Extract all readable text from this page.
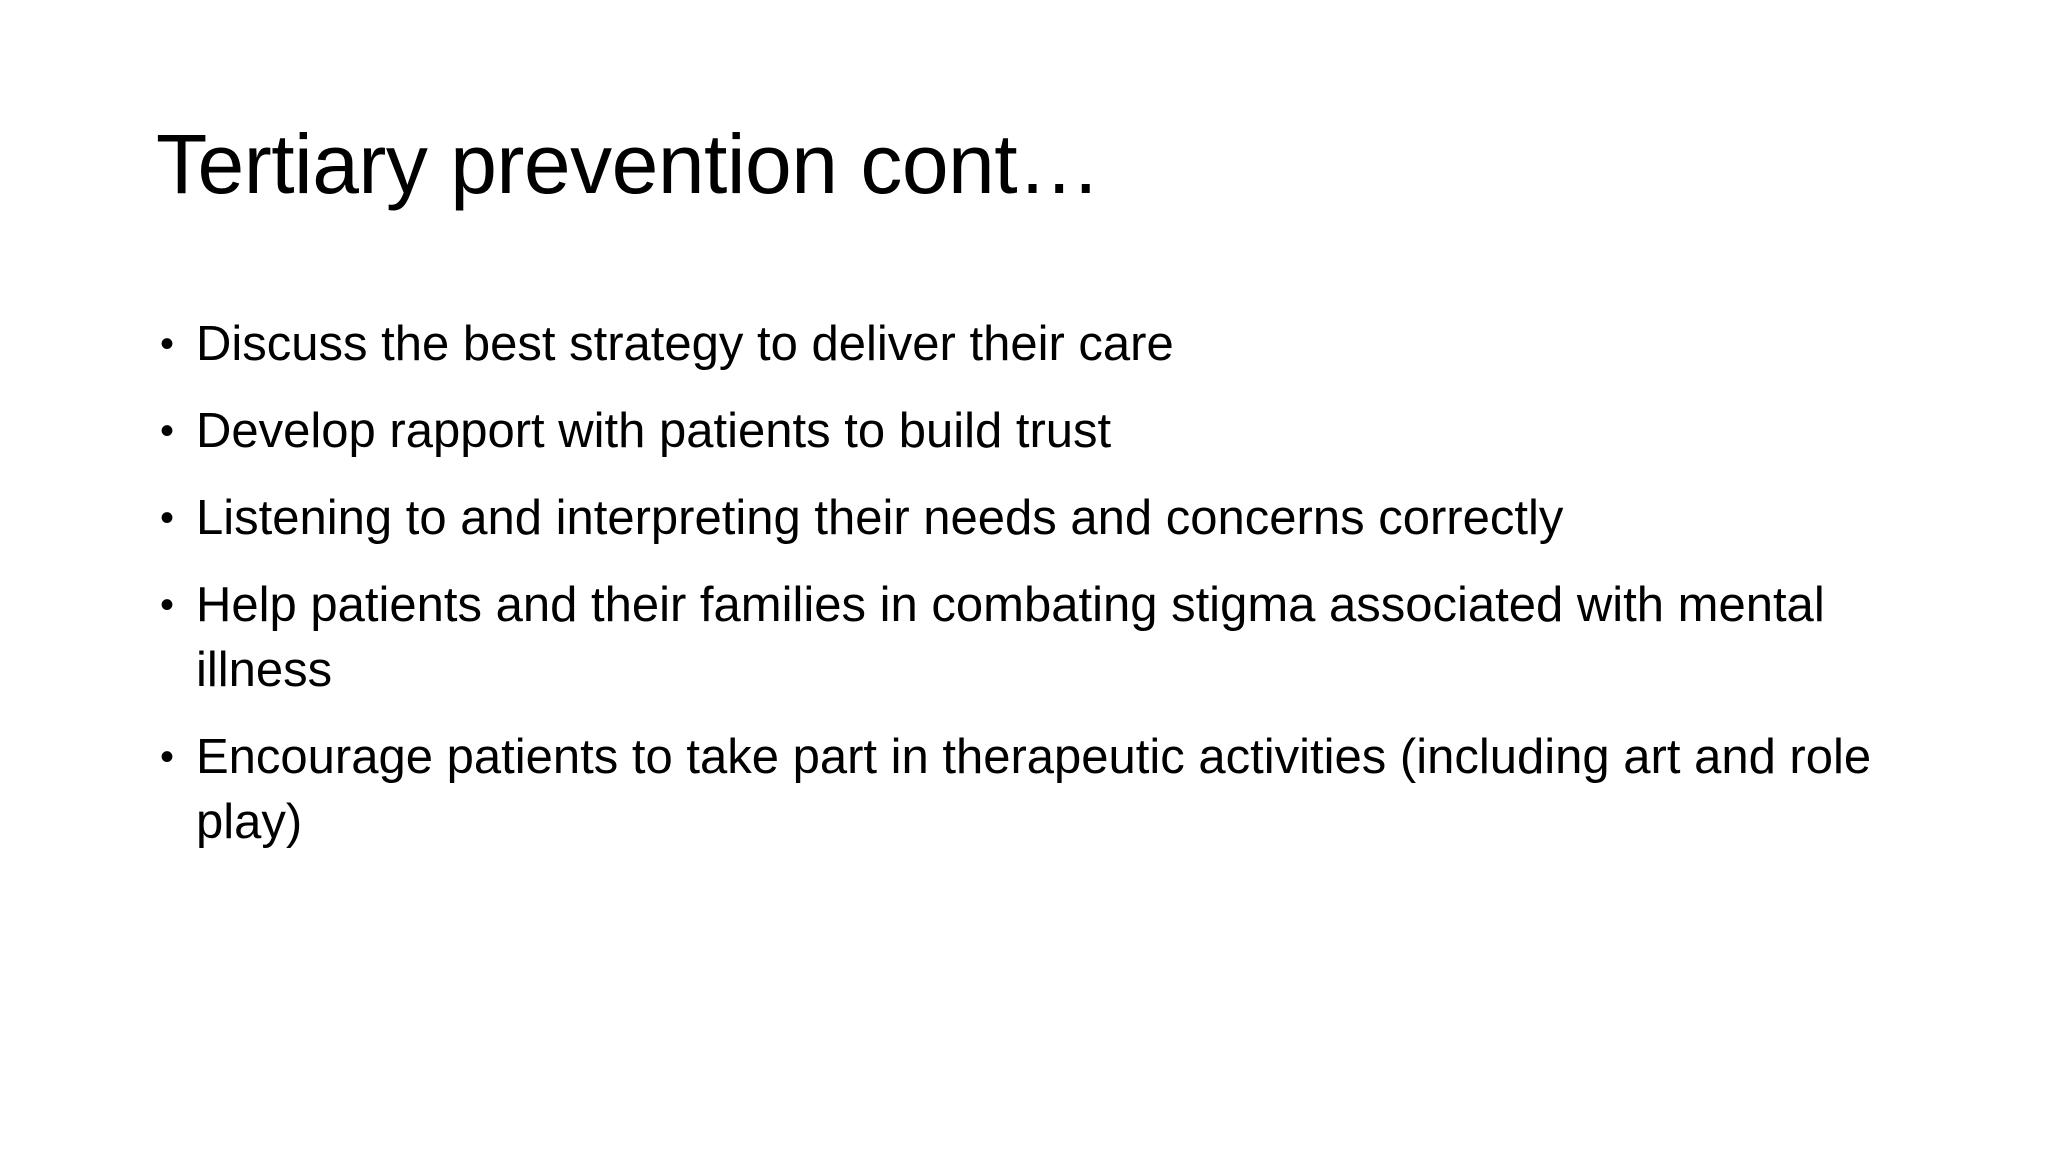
Tertiary prevention cont…
• Discuss the best strategy to deliver their care
• Develop rapport with patients to build trust
• Listening to and interpreting their needs and concerns correctly
• Help patients and their families in combating stigma associated with mental illness
• Encourage patients to take part in therapeutic activities (including art and role play)
